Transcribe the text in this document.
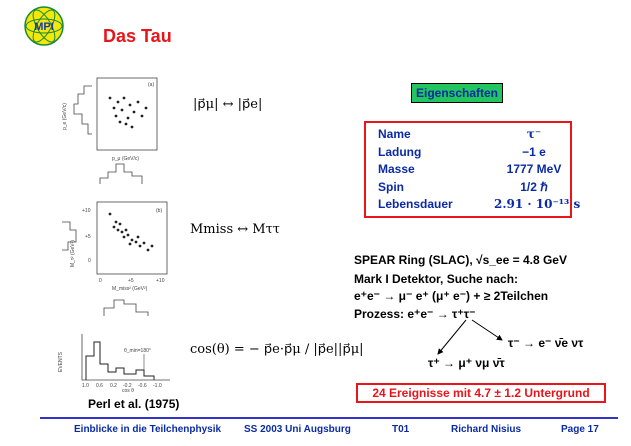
MPI	Das Tau
(a)
p_e (GeV/c)
p_μ (GeV/c)
(b)
+10
+5
0
0	+5	+10
M_τ² (GeV²)
M_miss² (GeV²)
θ_min=180°
EVENTS
1.0 0.6 0.2 -0.2 -0.6 -1.0
cos θ
|p⃗μ| ↔ |p⃗e|
Mmiss ↔ Mττ
cos(θ) = − p⃗e·p⃗μ / |p⃗e||p⃗μ|
Perl et al. (1975)
Eigenschaften
Name	τ⁻
Ladung	−1 e
Masse	1777 MeV
Spin	1/2 ℏ
Lebensdauer	2.91 · 10⁻¹³ s
SPEAR Ring (SLAC), √s_ee = 4.8 GeV
Mark I Detektor, Suche nach:
e⁺e⁻ → μ⁻ e⁺ (μ⁺ e⁻) + ≥ 2Teilchen
Prozess: e⁺e⁻ → τ⁺τ⁻
τ⁻ → e⁻ ν̄e ντ
τ⁺ → μ⁺ νμ ν̄τ
24 Ereignisse mit 4.7 ± 1.2 Untergrund
Einblicke in die Teilchenphysik SS 2003 Uni Augsburg	T01	Richard Nisius	Page 17
